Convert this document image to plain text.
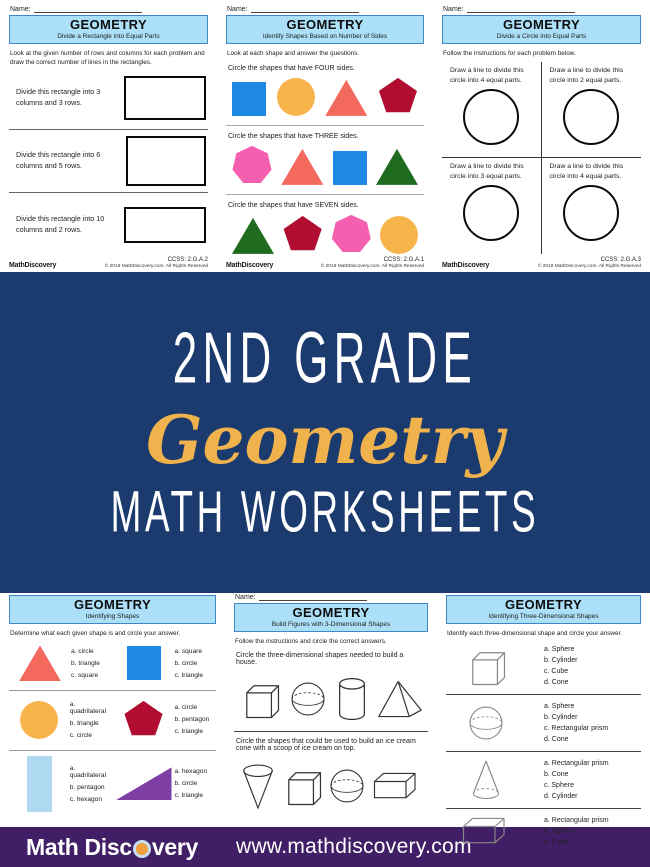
Name:
GEOMETRY
Divide a Rectangle into Equal Parts
Look at the given number of rows and columns for each problem and draw the correct number of lines in the rectangles.
Divide this rectangle into 3 columns and 3 rows.
Divide this rectangle into 6 columns and 5 rows.
Divide this rectangle into 10 columns and 2 rows.
MathDiscovery
CCSS: 2.G.A.2
© 2018 MathDiscovery.com. All Rights Reserved
Name:
GEOMETRY
Identify Shapes Based on Number of Sides
Look at each shape and answer the questions.
Circle the shapes that have FOUR sides.
Circle the shapes that have THREE sides.
Circle the shapes that have SEVEN sides.
MathDiscovery
CCSS: 2.G.A.1
© 2018 MathDiscovery.com. All Rights Reserved
Name:
GEOMETRY
Divide a Circle into Equal Parts
Follow the instructions for each problem below.
Draw a line to divide this circle into 4 equal parts.
Draw a line to divide this circle into 2 equal parts.
Draw a line to divide this circle into 3 equal parts.
Draw a line to divide this circle into 4 equal parts.
MathDiscovery
CCSS: 2.G.A.3
© 2018 MathDiscovery.com. All Rights Reserved
2ND GRADE
Geometry
MATH WORKSHEETS
GEOMETRY
Identifying Shapes
Determine what each given shape is and circle your answer.
a. circle
b. triangle
c. square
a. square
b. circle
c. triangle
a. quadrilateral
b. triangle
c. circle
a. circle
b. pentagon
c. triangle
a. quadrilateral
b. pentagon
c. hexagon
a. hexagon
b. circle
c. triangle
Name:
GEOMETRY
Build Figures with 3-Dimensional Shapes
Follow the instructions and circle the correct answers.
Circle the three-dimensional shapes needed to build a house.
Circle the shapes that could be used to build an ice cream cone with a scoop of ice cream on top.
GEOMETRY
Identifying Three-Dimensional Shapes
Identify each three-dimensional shape and circle your answer.
a. Sphere
b. Cylinder
c. Cube
d. Cone
a. Sphere
b. Cylinder
c. Rectangular prism
d. Cone
a. Rectangular prism
b. Cone
c. Sphere
d. Cylinder
a. Rectangular prism
b. Sphere
c. Cube
Math Disc very www.mathdiscovery.com
